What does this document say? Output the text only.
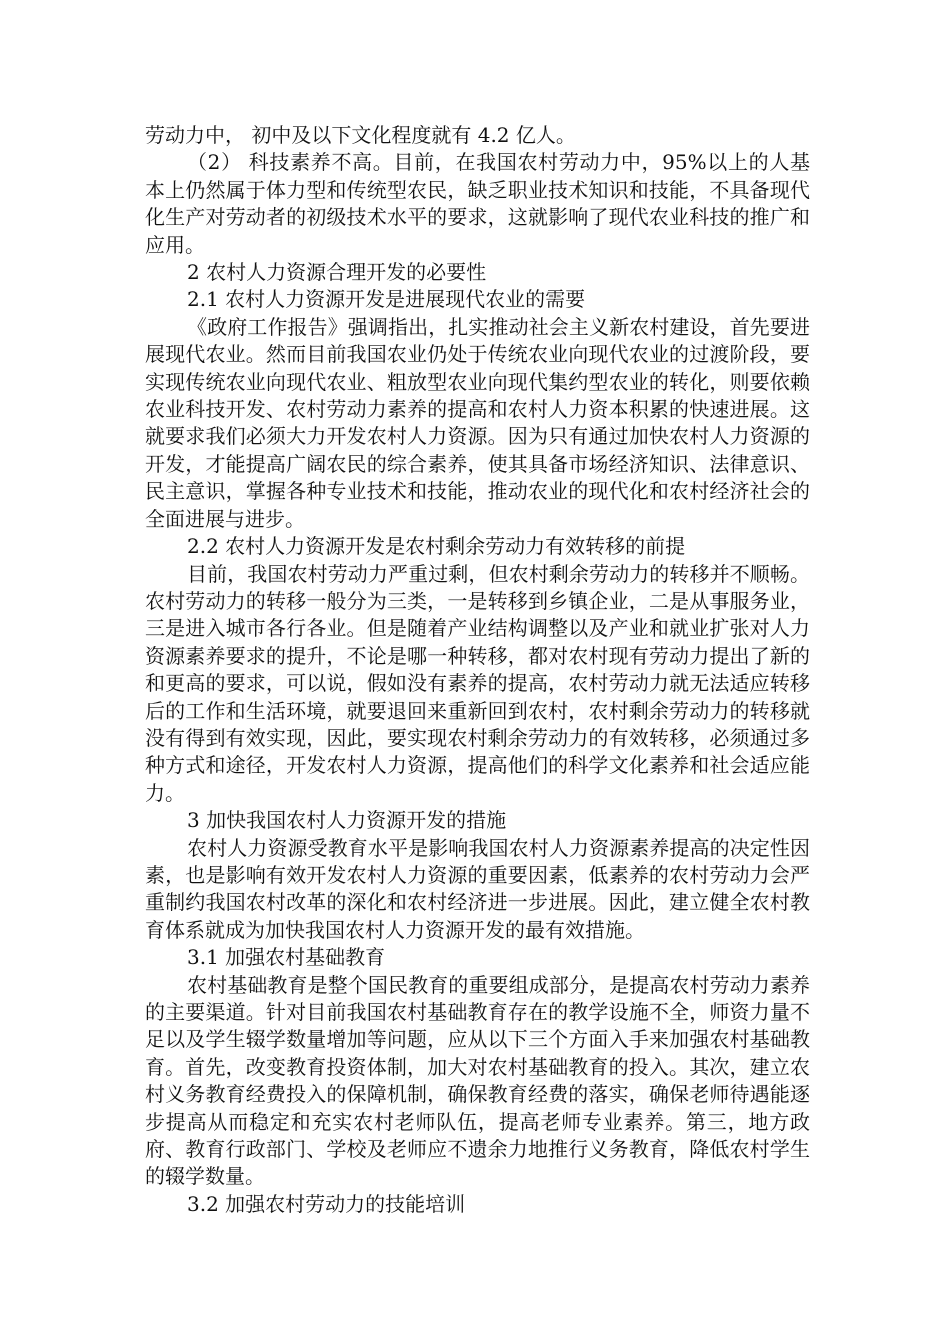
劳动力中， 初中及以下文化程度就有 4.2 亿人。

（2） 科技素养不高。目前，在我国农村劳动力中，95%以上的人基本上仍然属于体力型和传统型农民，缺乏职业技术知识和技能，不具备现代化生产对劳动者的初级技术水平的要求，这就影响了现代农业科技的推广和应用。

2 农村人力资源合理开发的必要性

2.1 农村人力资源开发是进展现代农业的需要

《政府工作报告》强调指出，扎实推动社会主义新农村建设，首先要进展现代农业。然而目前我国农业仍处于传统农业向现代农业的过渡阶段，要实现传统农业向现代农业、粗放型农业向现代集约型农业的转化，则要依赖农业科技开发、农村劳动力素养的提高和农村人力资本积累的快速进展。这就要求我们必须大力开发农村人力资源。因为只有通过加快农村人力资源的开发，才能提高广阔农民的综合素养，使其具备市场经济知识、法律意识、民主意识，掌握各种专业技术和技能，推动农业的现代化和农村经济社会的全面进展与进步。

2.2 农村人力资源开发是农村剩余劳动力有效转移的前提

目前，我国农村劳动力严重过剩，但农村剩余劳动力的转移并不顺畅。农村劳动力的转移一般分为三类，一是转移到乡镇企业，二是从事服务业，三是进入城市各行各业。但是随着产业结构调整以及产业和就业扩张对人力资源素养要求的提升，不论是哪一种转移，都对农村现有劳动力提出了新的和更高的要求，可以说，假如没有素养的提高，农村劳动力就无法适应转移后的工作和生活环境，就要退回来重新回到农村，农村剩余劳动力的转移就没有得到有效实现，因此，要实现农村剩余劳动力的有效转移，必须通过多种方式和途径，开发农村人力资源，提高他们的科学文化素养和社会适应能力。

3 加快我国农村人力资源开发的措施

农村人力资源受教育水平是影响我国农村人力资源素养提高的决定性因素，也是影响有效开发农村人力资源的重要因素，低素养的农村劳动力会严重制约我国农村改革的深化和农村经济进一步进展。因此，建立健全农村教育体系就成为加快我国农村人力资源开发的最有效措施。

3.1 加强农村基础教育

农村基础教育是整个国民教育的重要组成部分，是提高农村劳动力素养的主要渠道。针对目前我国农村基础教育存在的教学设施不全，师资力量不足以及学生辍学数量增加等问题，应从以下三个方面入手来加强农村基础教育。首先，改变教育投资体制，加大对农村基础教育的投入。其次，建立农村义务教育经费投入的保障机制，确保教育经费的落实，确保老师待遇能逐步提高从而稳定和充实农村老师队伍，提高老师专业素养。第三，地方政府、教育行政部门、学校及老师应不遗余力地推行义务教育，降低农村学生的辍学数量。

3.2 加强农村劳动力的技能培训
